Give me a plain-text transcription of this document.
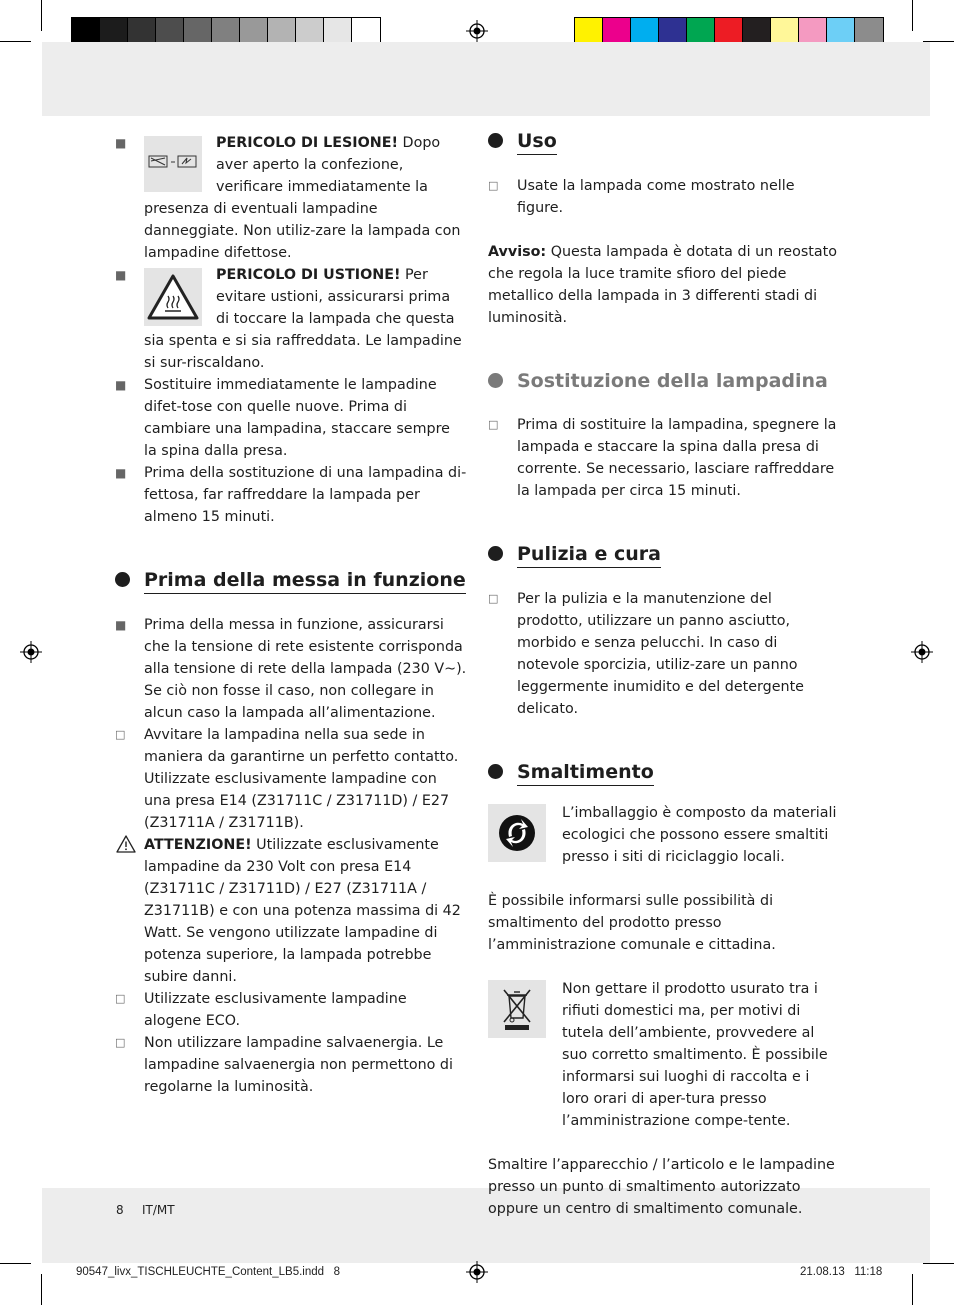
■	PERICOLO DI LESIONE! Dopo aver aperto la confezione, verificare immediatamente la presenza di eventuali lampadine danneggiate. Non utiliz-zare la lampada con lampadine difettose.
■	PERICOLO DI USTIONE! Per evitare ustioni, assicurarsi prima di toccare la lampada che questa sia spenta e si sia raffreddata. Le lampadine si sur-riscaldano.
■	Sostituire immediatamente le lampadine difet-tose con quelle nuove. Prima di cambiare una lampadina, staccare sempre la spina dalla presa.
■	Prima della sostituzione di una lampadina di-fettosa, far raffreddare la lampada per almeno 15 minuti.
Prima della messa in funzione
■	Prima della messa in funzione, assicurarsi che la tensione di rete esistente corrisponda alla tensione di rete della lampada (230 V∼). Se ciò non fosse il caso, non collegare in alcun caso la lampada all’alimentazione.
□	Avvitare la lampadina nella sua sede in maniera da garantirne un perfetto contatto. Utilizzate esclusivamente lampadine con una presa E14 (Z31711C / Z31711D) / E27 (Z31711A / Z31711B).
ATTENZIONE! Utilizzate esclusivamente lampadine da 230 Volt con presa E14 (Z31711C / Z31711D) / E27 (Z31711A / Z31711B) e con una potenza massima di 42 Watt. Se vengono utilizzate lampadine di potenza superiore, la lampada potrebbe subire danni.
□	Utilizzate esclusivamente lampadine alogene ECO.
□	Non utilizzare lampadine salvaenergia. Le lampadine salvaenergia non permettono di regolarne la luminosità.
Uso
□	Usate la lampada come mostrato nelle figure.

Avviso: Questa lampada è dotata di un reostato che regola la luce tramite sfioro del piede metallico della lampada in 3 differenti stadi di luminosità.

Sostituzione della lampadina
□	Prima di sostituire la lampadina, spegnere la lampada e staccare la spina dalla presa di corrente. Se necessario, lasciare raffreddare la lampada per circa 15 minuti.
Pulizia e cura
□	Per la pulizia e la manutenzione del prodotto, utilizzare un panno asciutto, morbido e senza pelucchi. In caso di notevole sporcizia, utiliz-zare un panno leggermente inumidito e del detergente delicato.
Smaltimento
L’imballaggio è composto da materiali ecologici che possono essere smaltiti presso i siti di riciclaggio locali.

È possibile informarsi sulle possibilità di smaltimento del prodotto presso l’amministrazione comunale e cittadina.

Non gettare il prodotto usurato tra i rifiuti domestici ma, per motivi di tutela dell’ambiente, provvedere al suo corretto smaltimento. È possibile informarsi sui luoghi di raccolta e i loro orari di aper-tura presso l’amministrazione compe-tente.

Smaltire l’apparecchio / l’articolo e le lampadine presso un punto di smaltimento autorizzato oppure un centro di smaltimento comunale.

8 IT/MT
90547_livx_TISCHLEUCHTE_Content_LB5.indd   8	21.08.13   11:18
